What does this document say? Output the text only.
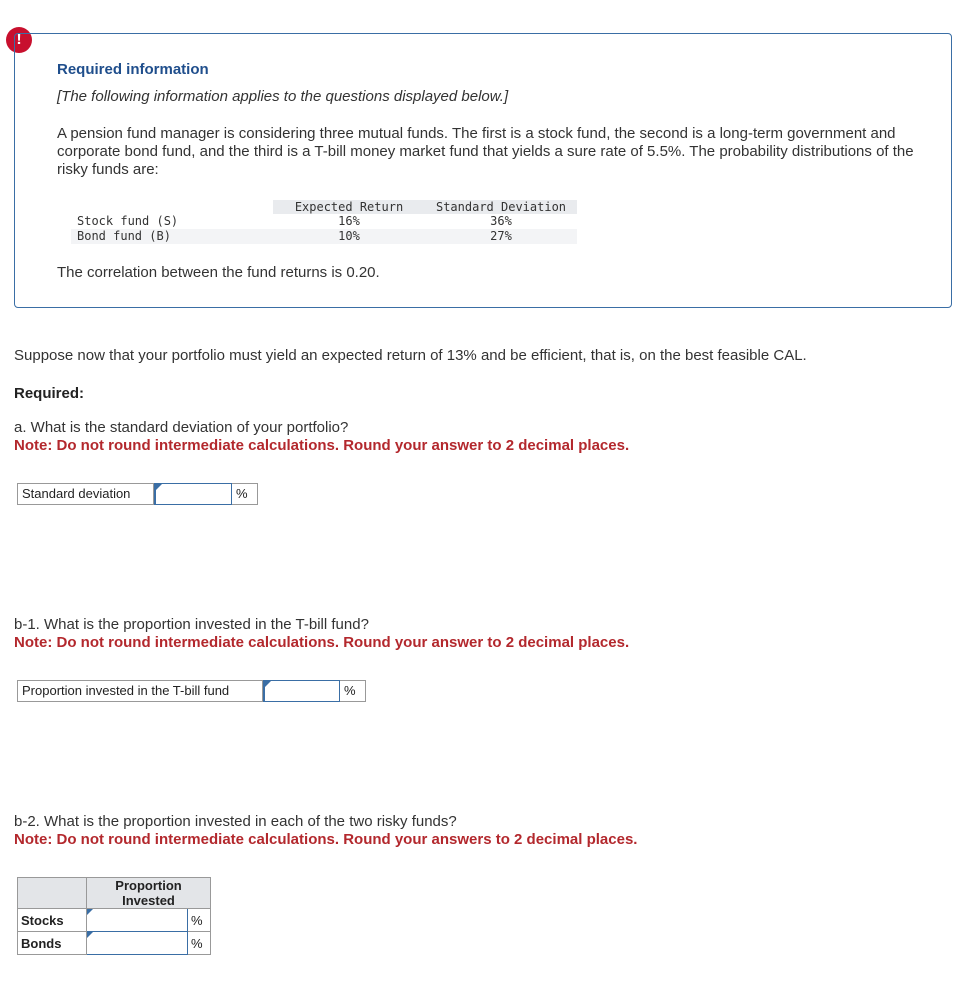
!
Required information
[The following information applies to the questions displayed below.]
A pension fund manager is considering three mutual funds. The first is a stock fund, the second is a long-term government and corporate bond fund, and the third is a T-bill money market fund that yields a sure rate of 5.5%. The probability distributions of the risky funds are:
	Expected Return	Standard Deviation
Stock fund (S)	16%	36%
Bond fund (B)	10%	27%
The correlation between the fund returns is 0.20.
Suppose now that your portfolio must yield an expected return of 13% and be efficient, that is, on the best feasible CAL.
Required:
a. What is the standard deviation of your portfolio?
Note: Do not round intermediate calculations. Round your answer to 2 decimal places.
Standard deviation	%
b-1. What is the proportion invested in the T-bill fund?
Note: Do not round intermediate calculations. Round your answer to 2 decimal places.
Proportion invested in the T-bill fund	%
b-2. What is the proportion invested in each of the two risky funds?
Note: Do not round intermediate calculations. Round your answers to 2 decimal places.
	Proportion Invested	
Stocks		%
Bonds		%
